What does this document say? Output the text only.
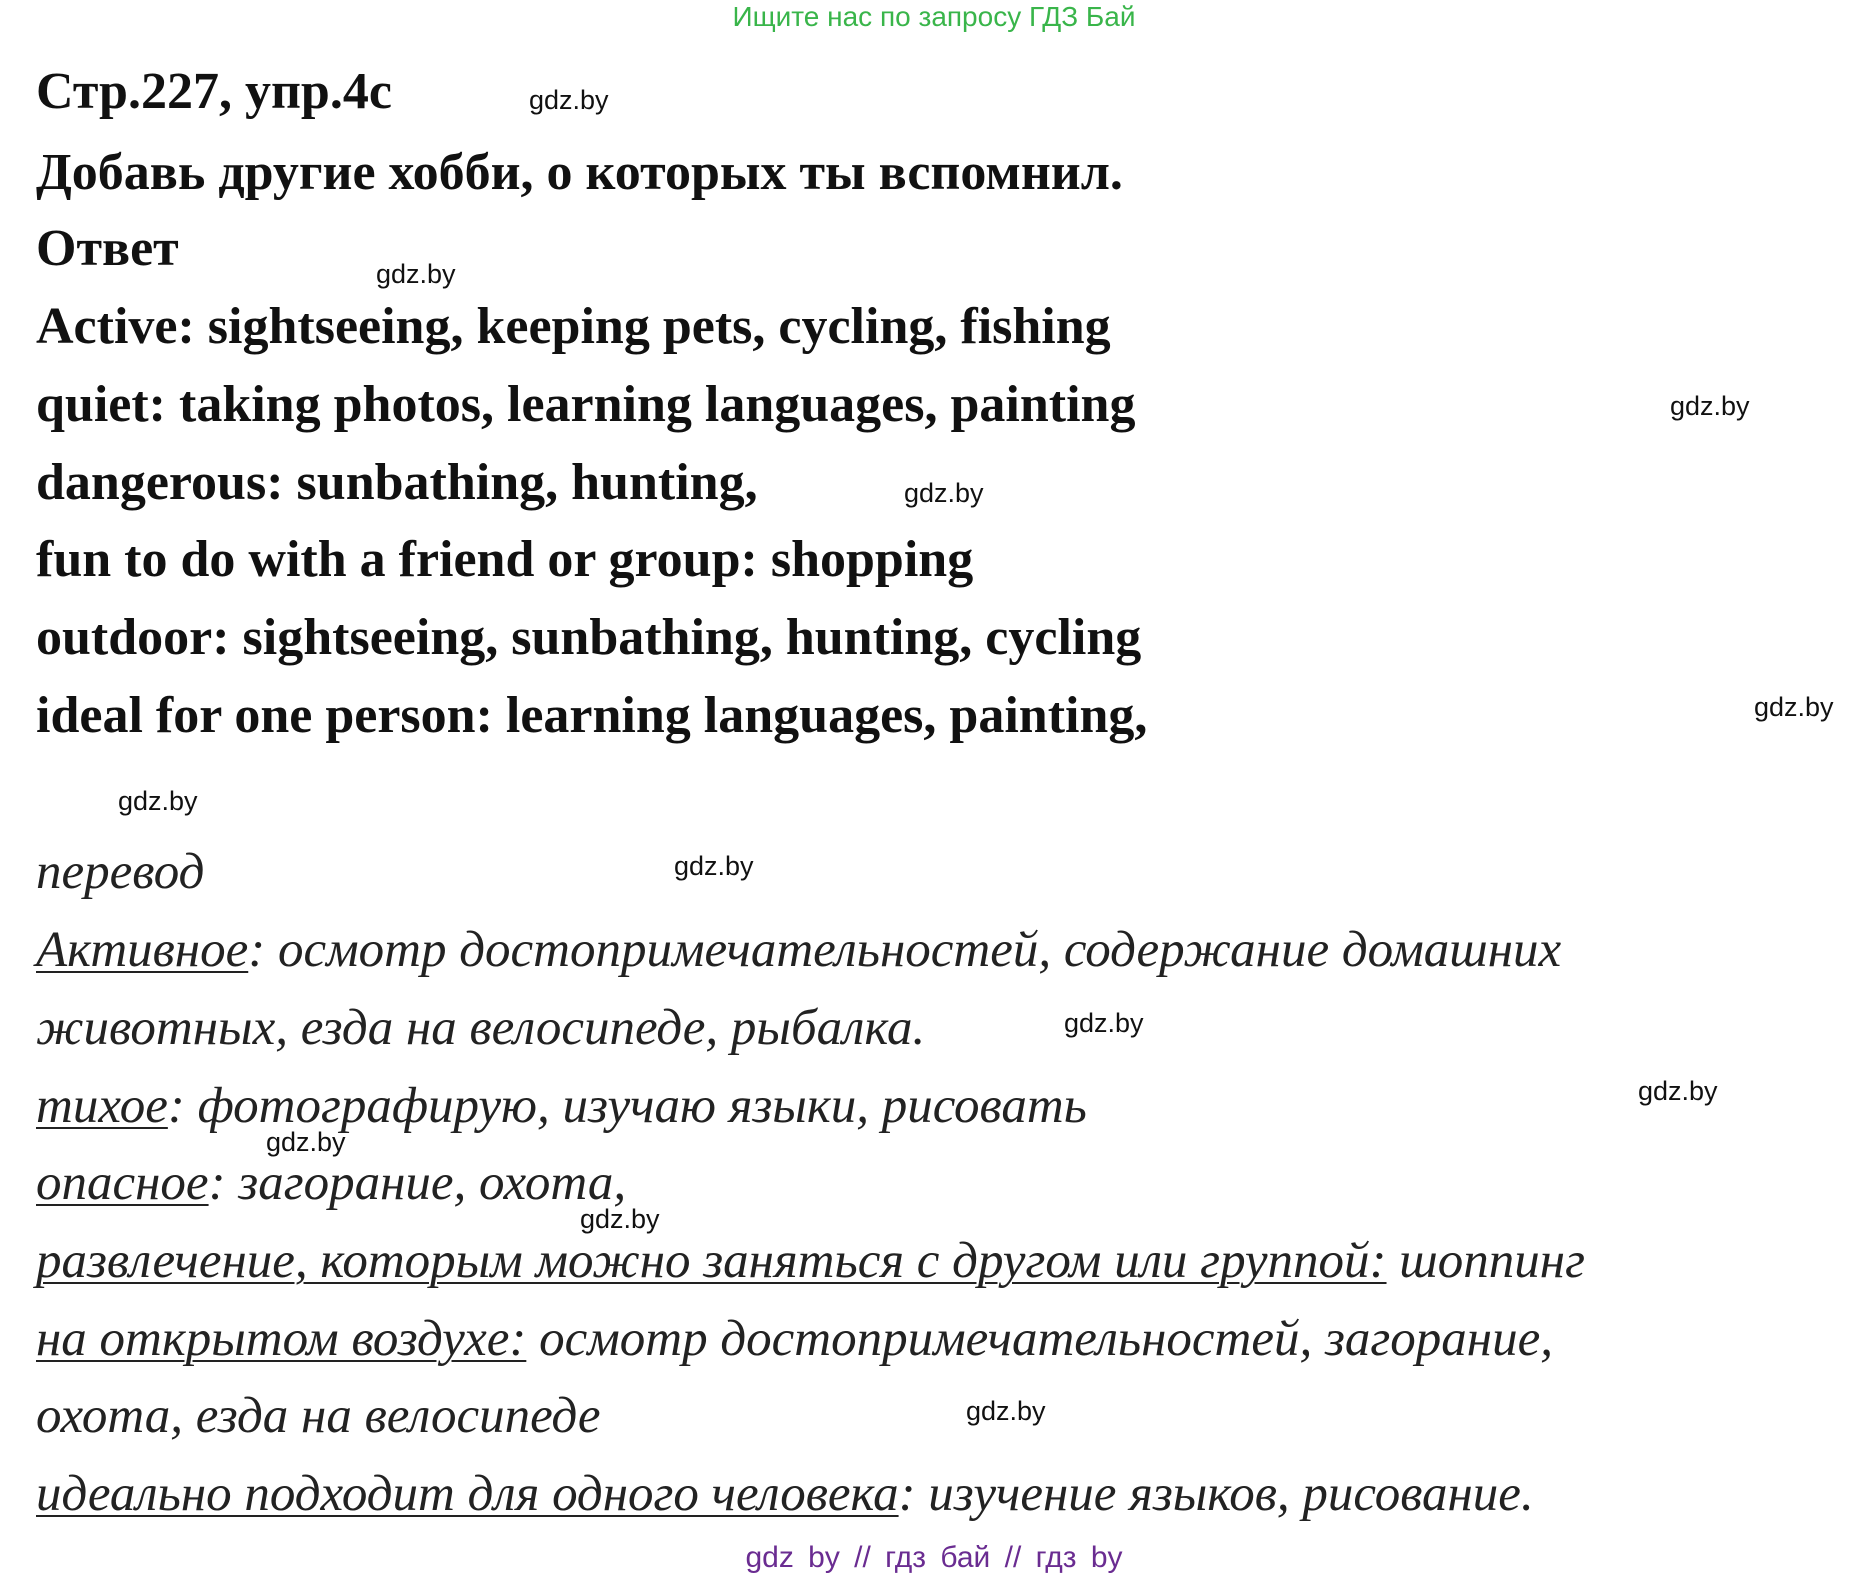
Ищите нас по запросу ГДЗ Бай
Стр.227, упр.4с
Добавь другие хобби, о которых ты вспомнил.
Ответ
Active: sightseeing, keeping pets, cycling, fishing
quiet: taking photos, learning languages, painting
dangerous: sunbathing, hunting,
fun to do with a friend or group: shopping
outdoor: sightseeing, sunbathing, hunting, cycling
ideal for one person: learning languages, painting,
перевод
Активное: осмотр достопримечательностей, содержание домашних
животных, езда на велосипеде, рыбалка.
тихое: фотографирую, изучаю языки, рисовать
опасное: загорание, охота,
развлечение, которым можно заняться с другом или группой: шоппинг
на открытом воздухе: осмотр достопримечательностей, загорание,
охота, езда на велосипеде
идеально подходит для одного человека: изучение языков, рисование.
gdz.by
gdz.by
gdz.by
gdz.by
gdz.by
gdz.by
gdz.by
gdz.by
gdz.by
gdz.by
gdz.by
gdz.by
gdz by // гдз бай // гдз by
